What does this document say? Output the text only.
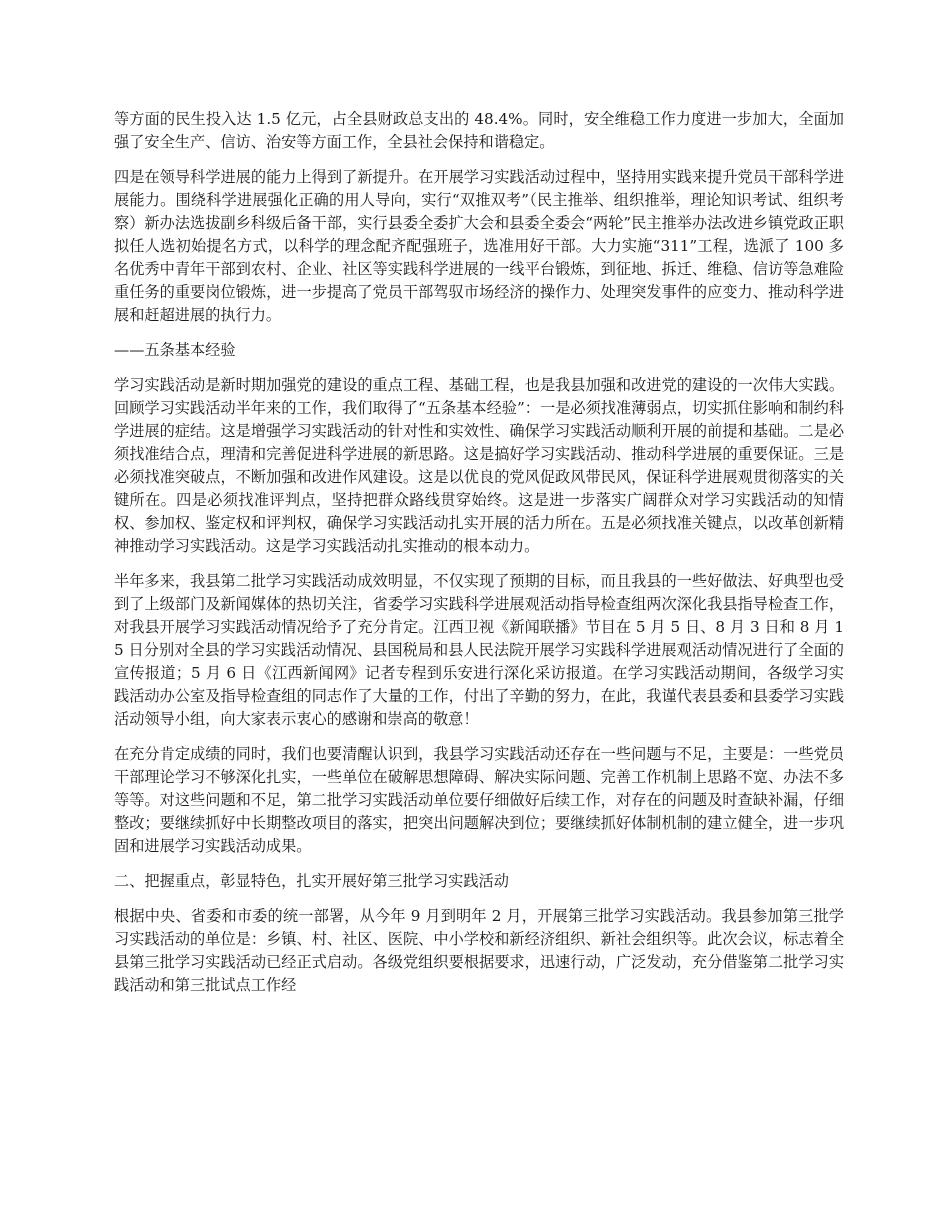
等方面的民生投入达 1.5 亿元，占全县财政总支出的 48.4%。同时，安全维稳工作力度进一步加大，全面加强了安全生产、信访、治安等方面工作，全县社会保持和谐稳定。

四是在领导科学进展的能力上得到了新提升。在开展学习实践活动过程中，坚持用实践来提升党员干部科学进展能力。围绕科学进展强化正确的用人导向，实行“双推双考”（民主推举、组织推举，理论知识考试、组织考察）新办法选拔副乡科级后备干部，实行县委全委扩大会和县委全委会“两轮”民主推举办法改进乡镇党政正职拟任人选初始提名方式，以科学的理念配齐配强班子，选准用好干部。大力实施“311”工程，选派了 100 多名优秀中青年干部到农村、企业、社区等实践科学进展的一线平台锻炼，到征地、拆迁、维稳、信访等急难险重任务的重要岗位锻炼，进一步提高了党员干部驾驭市场经济的操作力、处理突发事件的应变力、推动科学进展和赶超进展的执行力。

——五条基本经验

学习实践活动是新时期加强党的建设的重点工程、基础工程，也是我县加强和改进党的建设的一次伟大实践。回顾学习实践活动半年来的工作，我们取得了“五条基本经验”：一是必须找准薄弱点，切实抓住影响和制约科学进展的症结。这是增强学习实践活动的针对性和实效性、确保学习实践活动顺利开展的前提和基础。二是必须找准结合点，理清和完善促进科学进展的新思路。这是搞好学习实践活动、推动科学进展的重要保证。三是必须找准突破点，不断加强和改进作风建设。这是以优良的党风促政风带民风，保证科学进展观贯彻落实的关键所在。四是必须找准评判点，坚持把群众路线贯穿始终。这是进一步落实广阔群众对学习实践活动的知情权、参加权、鉴定权和评判权，确保学习实践活动扎实开展的活力所在。五是必须找准关键点，以改革创新精神推动学习实践活动。这是学习实践活动扎实推动的根本动力。

半年多来，我县第二批学习实践活动成效明显，不仅实现了预期的目标，而且我县的一些好做法、好典型也受到了上级部门及新闻媒体的热切关注，省委学习实践科学进展观活动指导检查组两次深化我县指导检查工作，对我县开展学习实践活动情况给予了充分肯定。江西卫视《新闻联播》节目在 5 月 5 日、8 月 3 日和 8 月 15 日分别对全县的学习实践活动情况、县国税局和县人民法院开展学习实践科学进展观活动情况进行了全面的宣传报道；5 月 6 日《江西新闻网》记者专程到乐安进行深化采访报道。在学习实践活动期间，各级学习实践活动办公室及指导检查组的同志作了大量的工作，付出了辛勤的努力，在此，我谨代表县委和县委学习实践活动领导小组，向大家表示衷心的感谢和崇高的敬意！

在充分肯定成绩的同时，我们也要清醒认识到，我县学习实践活动还存在一些问题与不足，主要是：一些党员干部理论学习不够深化扎实，一些单位在破解思想障碍、解决实际问题、完善工作机制上思路不宽、办法不多等等。对这些问题和不足，第二批学习实践活动单位要仔细做好后续工作，对存在的问题及时查缺补漏，仔细整改；要继续抓好中长期整改项目的落实，把突出问题解决到位；要继续抓好体制机制的建立健全，进一步巩固和进展学习实践活动成果。

二、把握重点，彰显特色，扎实开展好第三批学习实践活动

根据中央、省委和市委的统一部署，从今年 9 月到明年 2 月，开展第三批学习实践活动。我县参加第三批学习实践活动的单位是：乡镇、村、社区、医院、中小学校和新经济组织、新社会组织等。此次会议，标志着全县第三批学习实践活动已经正式启动。各级党组织要根据要求，迅速行动，广泛发动，充分借鉴第二批学习实践活动和第三批试点工作经
